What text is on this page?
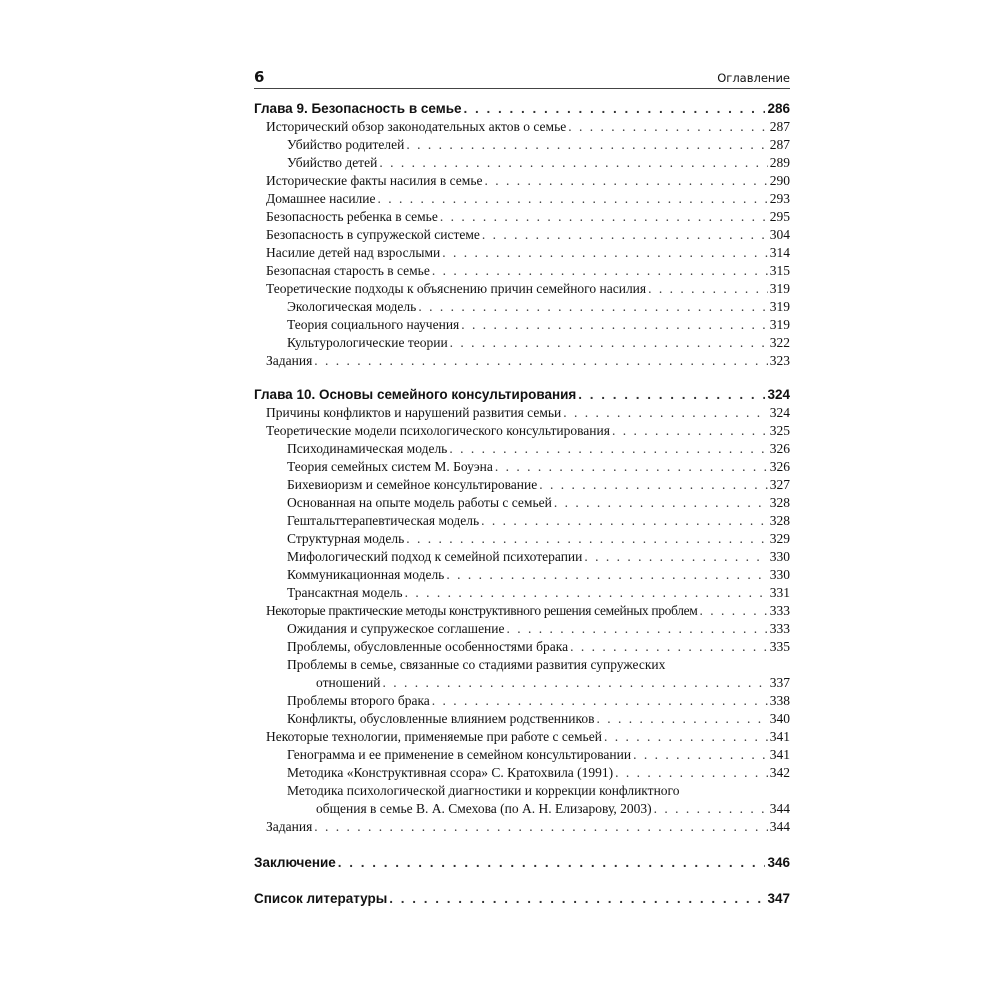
6	Оглавление
Глава 9. Безопасность в семье . . .	286
Исторический обзор законодательных актов о семье . . .	287
Убийство родителей . . .	287
Убийство детей . . .	289
Исторические факты насилия в семье . . .	290
Домашнее насилие . . .	293
Безопасность ребенка в семье . . .	295
Безопасность в супружеской системе . . .	304
Насилие детей над взрослыми . . .	314
Безопасная старость в семье . . .	315
Теоретические подходы к объяснению причин семейного насилия . . .	319
Экологическая модель . . .	319
Теория социального научения . . .	319
Культурологические теории . . .	322
Задания . . .	323
Глава 10. Основы семейного консультирования . . .	324
Причины конфликтов и нарушений развития семьи . . .	324
Теоретические модели психологического консультирования . . .	325
Психодинамическая модель . . .	326
Теория семейных систем М. Боуэна . . .	326
Бихевиоризм и семейное консультирование . . .	327
Основанная на опыте модель работы с семьей . . .	328
Гештальттерапевтическая модель . . .	328
Структурная модель . . .	329
Мифологический подход к семейной психотерапии . . .	330
Коммуникационная модель . . .	330
Трансактная модель . . .	331
Некоторые практические методы конструктивного решения семейных проблем . . .	333
Ожидания и супружеское соглашение . . .	333
Проблемы, обусловленные особенностями брака . . .	335
Проблемы в семье, связанные со стадиями развития супружеских
отношений . . .	337
Проблемы второго брака . . .	338
Конфликты, обусловленные влиянием родственников . . .	340
Некоторые технологии, применяемые при работе с семьей . . .	341
Генограмма и ее применение в семейном консультировании . . .	341
Методика «Конструктивная ссора» С. Кратохвила (1991) . . .	342
Методика психологической диагностики и коррекции конфликтного
общения в семье В. А. Смехова (по А. Н. Елизарову, 2003) . . .	344
Задания . . .	344
Заключение . . .	346
Список литературы . . .	347
